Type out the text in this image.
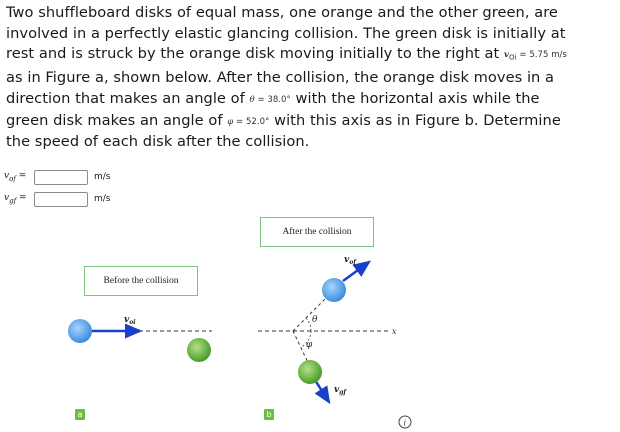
Two shuffleboard disks of equal mass, one orange and the other green, are
involved in a perfectly elastic glancing collision. The green disk is initially at
rest and is struck by the orange disk moving initially to the right at $v_{Oi} = 5.75$ m/s
as in Figure a, shown below. After the collision, the orange disk moves in a
direction that makes an angle of θ = 38.0° with the horizontal axis while the
green disk makes an angle of φ = 52.0° with this axis as in Figure b. Determine
the speed of each disk after the collision.
$v_{of}$ =	m/s
$v_{gf}$ =	m/s
$v_{oi}$
x
θ
φ
$v_{of}$
$v_{gf}$
i
Before the collision
After the collision
a	b
